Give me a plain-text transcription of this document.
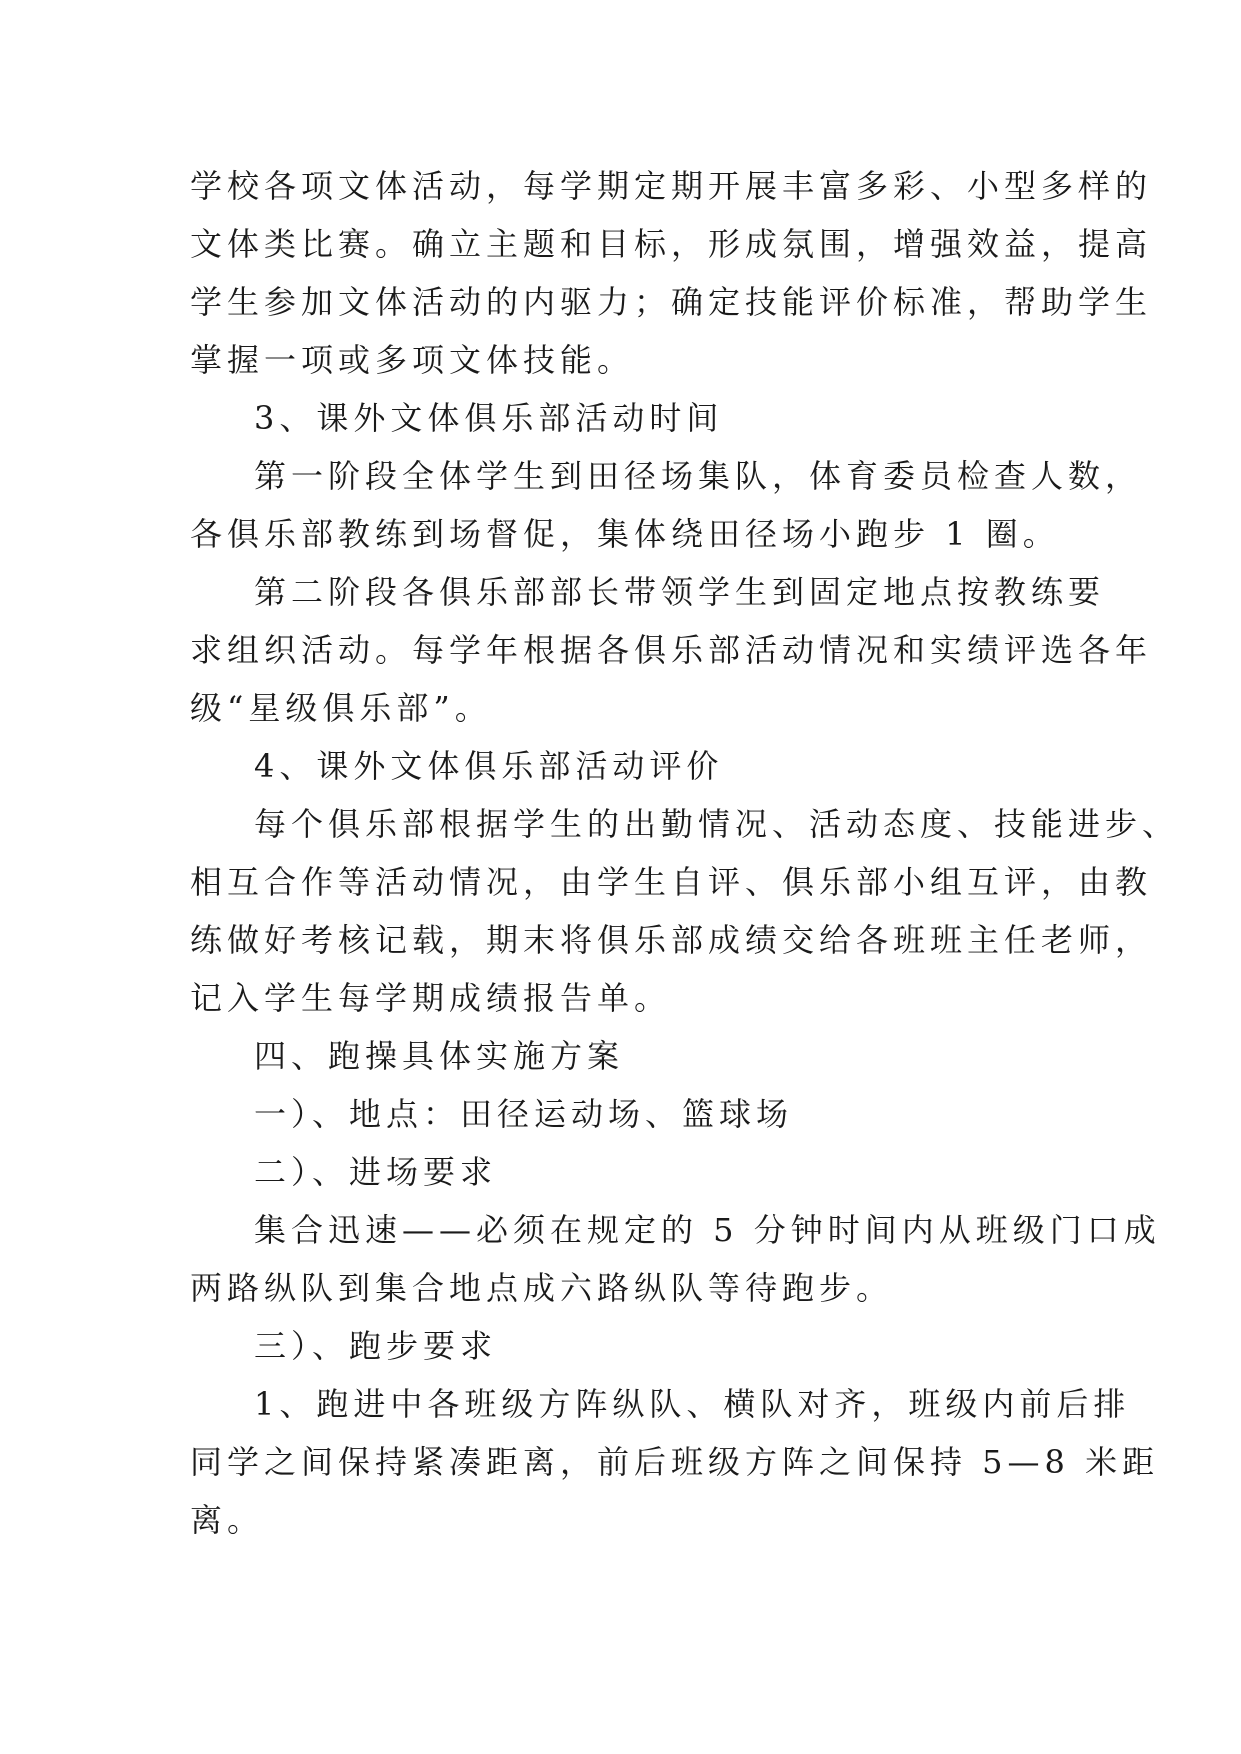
学校各项文体活动，每学期定期开展丰富多彩、小型多样的
文体类比赛。确立主题和目标，形成氛围，增强效益，提高
学生参加文体活动的内驱力；确定技能评价标准，帮助学生
掌握一项或多项文体技能。
3、课外文体俱乐部活动时间
第一阶段全体学生到田径场集队，体育委员检查人数，
各俱乐部教练到场督促，集体绕田径场小跑步 1 圈。
第二阶段各俱乐部部长带领学生到固定地点按教练要
求组织活动。每学年根据各俱乐部活动情况和实绩评选各年
级“星级俱乐部”。
4、课外文体俱乐部活动评价
每个俱乐部根据学生的出勤情况、活动态度、技能进步、
相互合作等活动情况，由学生自评、俱乐部小组互评，由教
练做好考核记载，期末将俱乐部成绩交给各班班主任老师，
记入学生每学期成绩报告单。
四、跑操具体实施方案
一）、地点：田径运动场、篮球场
二）、进场要求
集合迅速——必须在规定的 5 分钟时间内从班级门口成
两路纵队到集合地点成六路纵队等待跑步。
三）、跑步要求
1、跑进中各班级方阵纵队、横队对齐，班级内前后排
同学之间保持紧凑距离，前后班级方阵之间保持 5—8 米距
离。
